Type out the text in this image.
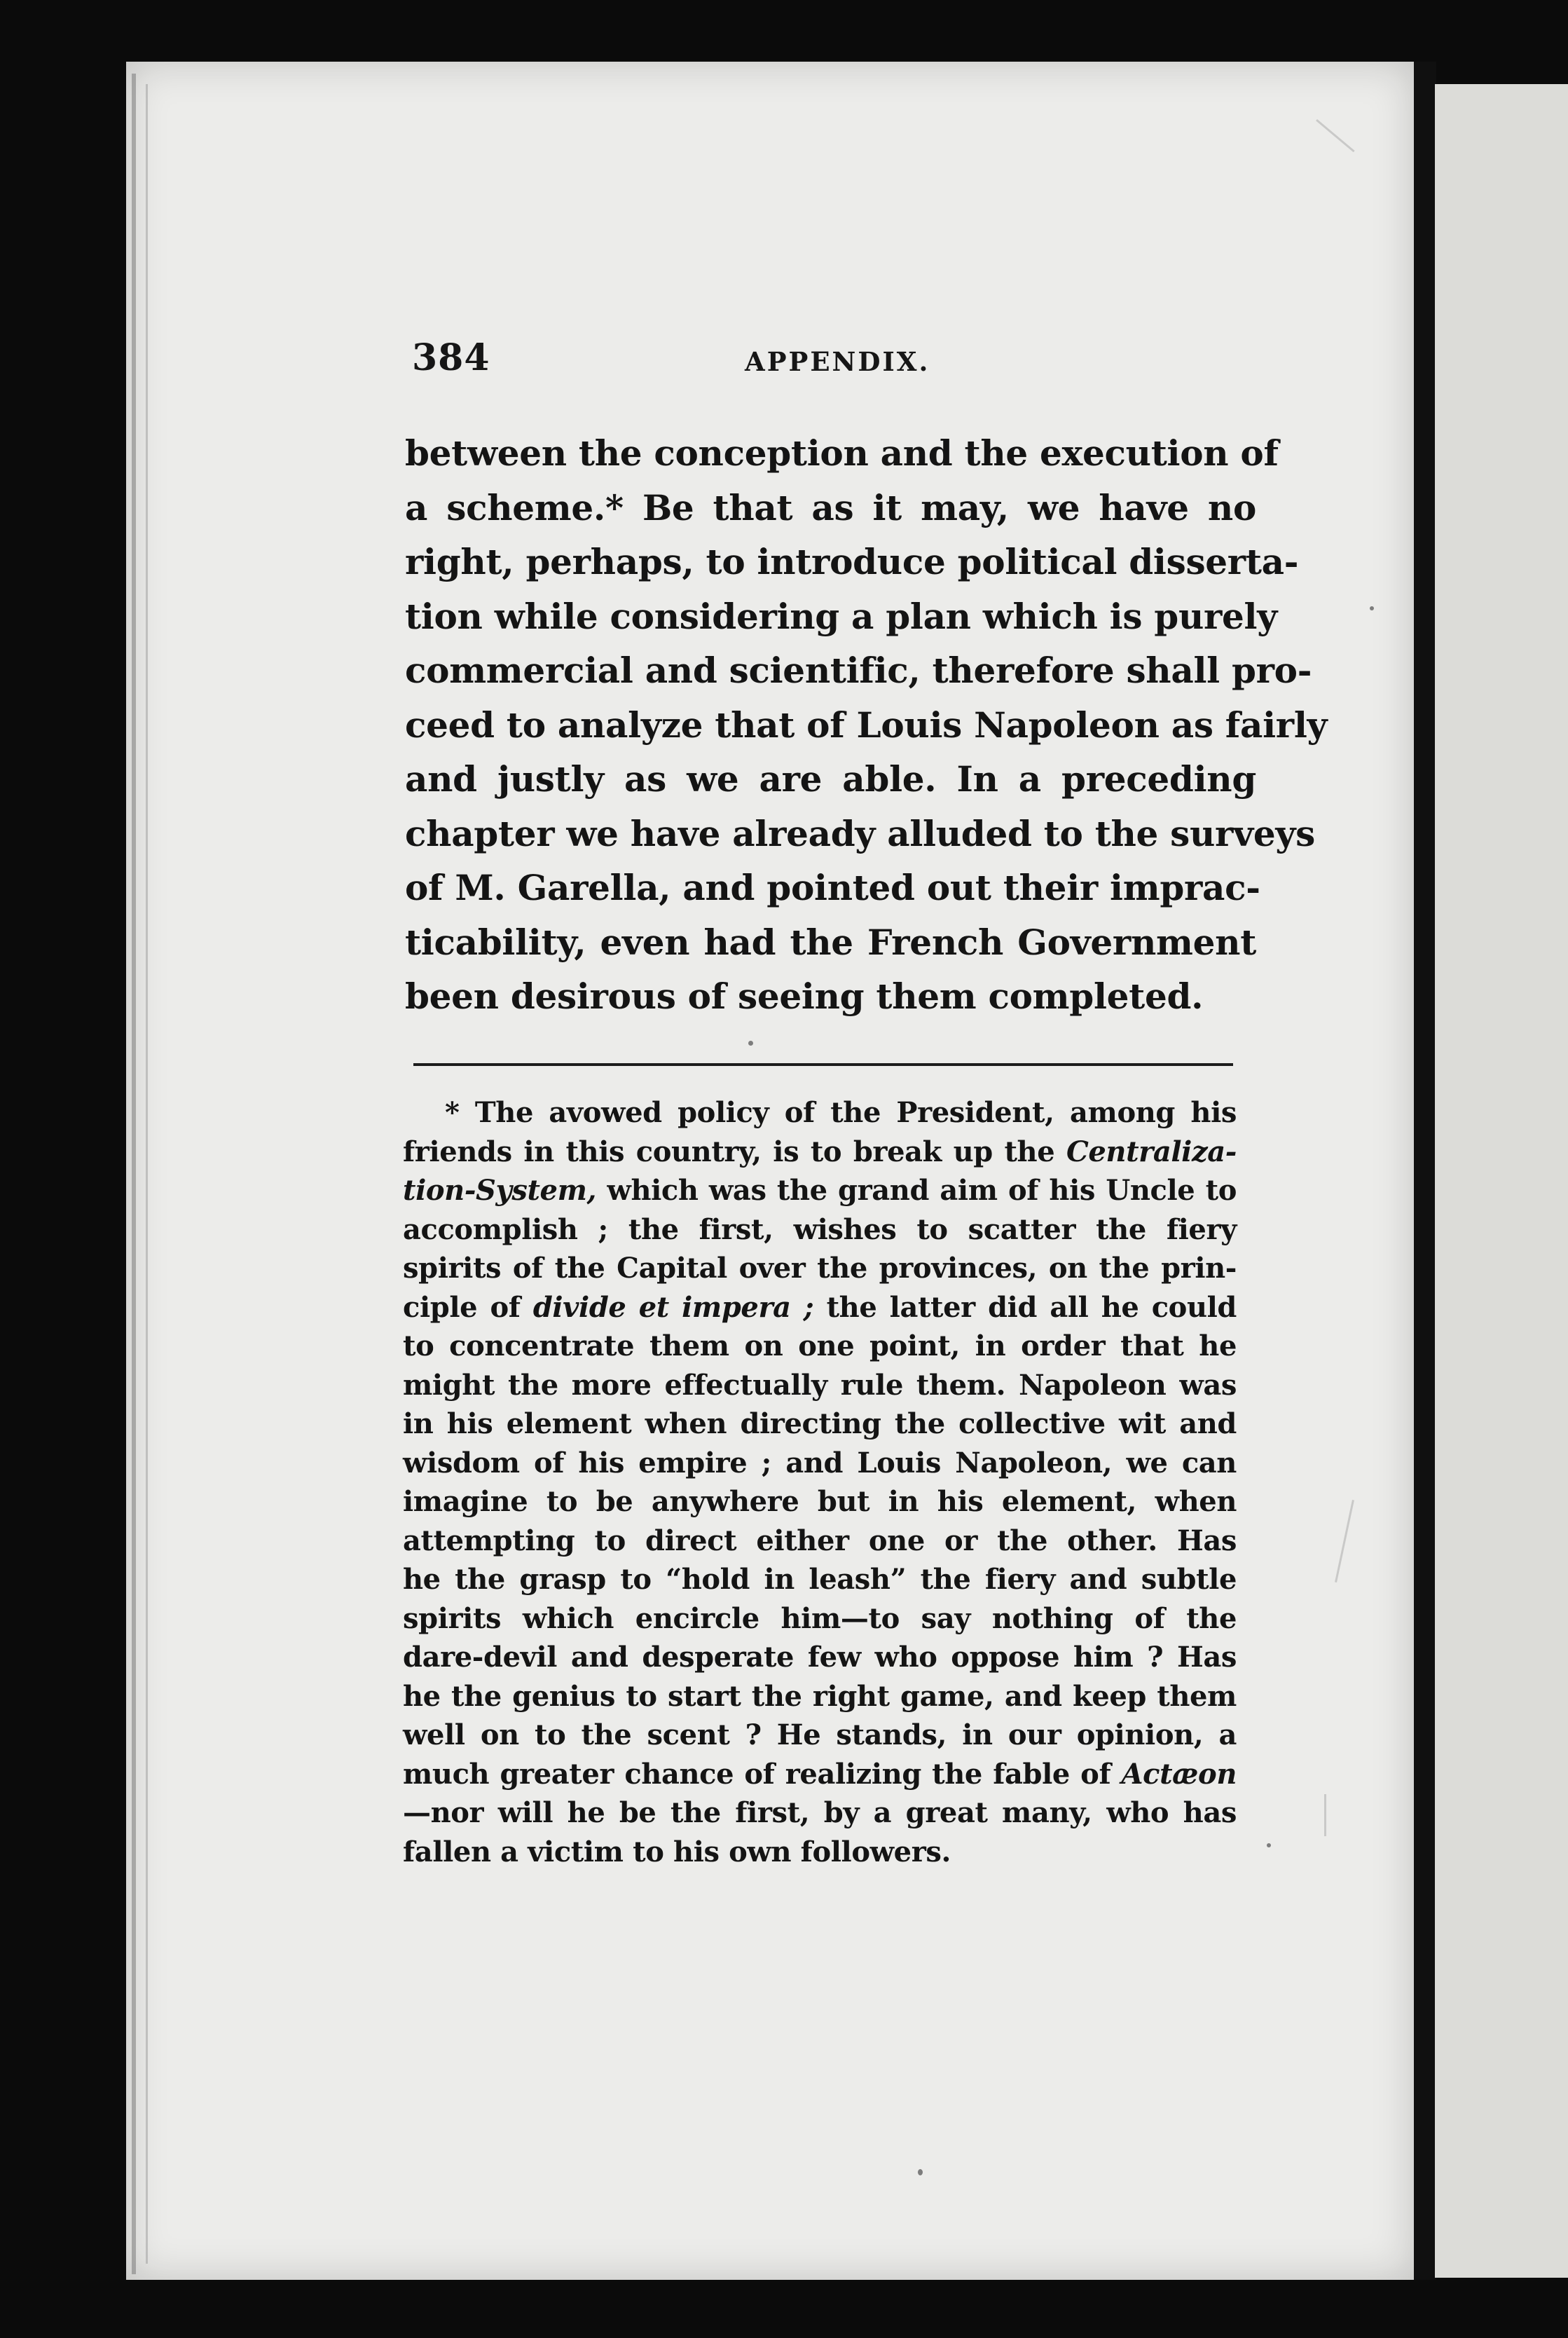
384	APPENDIX.
between the conception and the execution of
a scheme.* Be that as it may, we have no
right, perhaps, to introduce political disserta-
tion while considering a plan which is purely
commercial and scientific, therefore shall pro-
ceed to analyze that of Louis Napoleon as fairly
and justly as we are able. In a preceding
chapter we have already alluded to the surveys
of M. Garella, and pointed out their imprac-
ticability, even had the French Government
been desirous of seeing them completed.
* The avowed policy of the President, among his
friends in this country, is to break up the Centraliza-
tion-System, which was the grand aim of his Uncle to
accomplish ; the first, wishes to scatter the fiery
spirits of the Capital over the provinces, on the prin-
ciple of divide et impera ; the latter did all he could
to concentrate them on one point, in order that he
might the more effectually rule them. Napoleon was
in his element when directing the collective wit and
wisdom of his empire ; and Louis Napoleon, we can
imagine to be anywhere but in his element, when
attempting to direct either one or the other. Has
he the grasp to “hold in leash” the fiery and subtle
spirits which encircle him—to say nothing of the
dare-devil and desperate few who oppose him ? Has
he the genius to start the right game, and keep them
well on to the scent ? He stands, in our opinion, a
much greater chance of realizing the fable of Actæon
—nor will he be the first, by a great many, who has
fallen a victim to his own followers.
